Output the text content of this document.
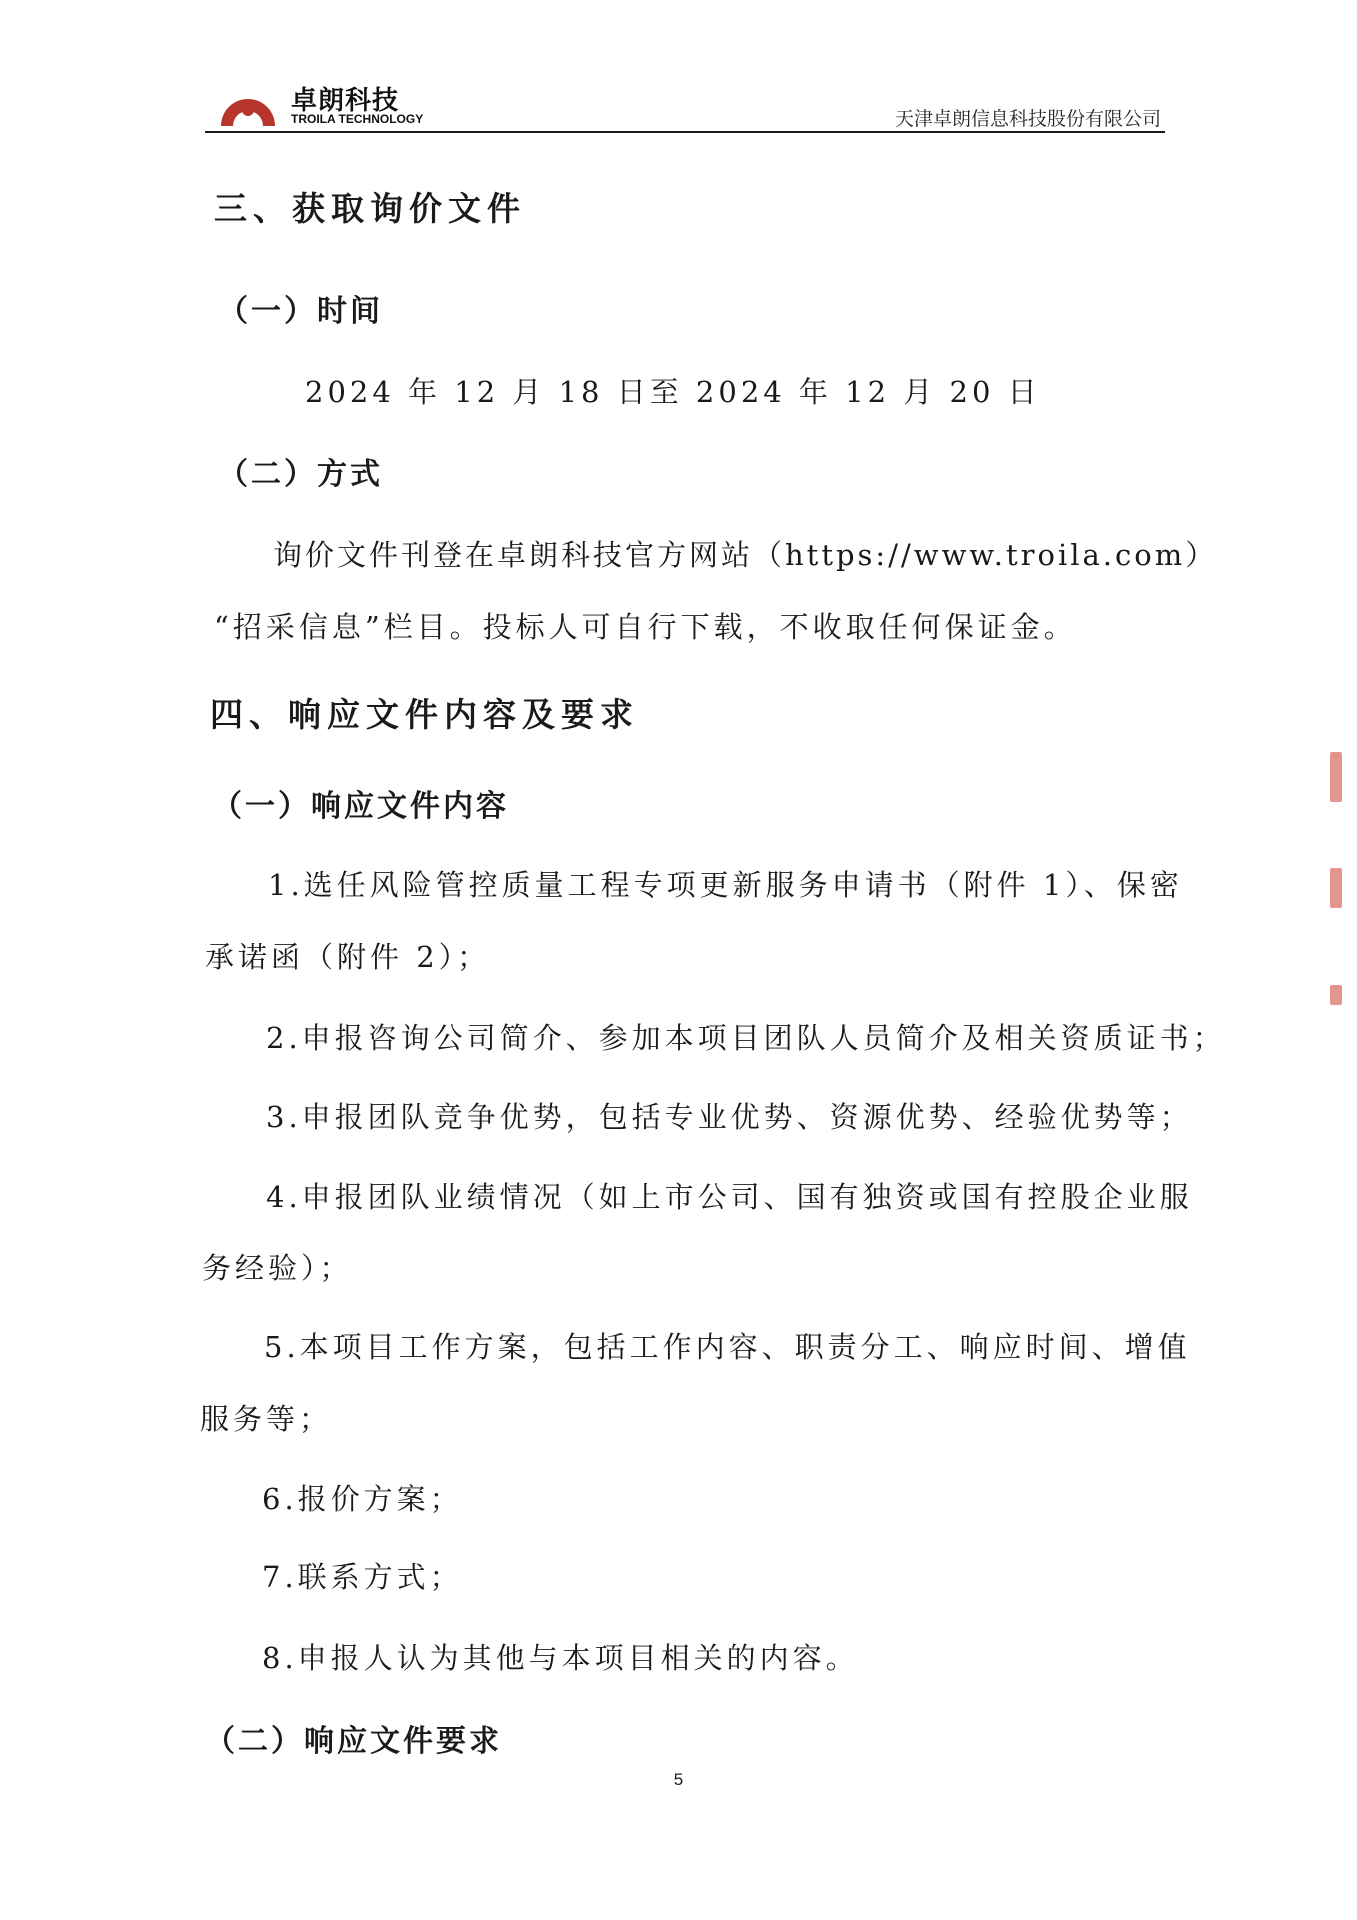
卓朗科技
TROILA TECHNOLOGY	天津卓朗信息科技股份有限公司
三、获取询价文件
（一）时间
2024 年 12 月 18 日至 2024 年 12 月 20 日
（二）方式
询价文件刊登在卓朗科技官方网站（https://www.troila.com）
“招采信息”栏目。投标人可自行下载，不收取任何保证金。
四、响应文件内容及要求
（一）响应文件内容
1.选任风险管控质量工程专项更新服务申请书（附件 1）、保密
承诺函（附件 2）；
2.申报咨询公司简介、参加本项目团队人员简介及相关资质证书；
3.申报团队竞争优势，包括专业优势、资源优势、经验优势等；
4.申报团队业绩情况（如上市公司、国有独资或国有控股企业服
务经验）；
5.本项目工作方案，包括工作内容、职责分工、响应时间、增值
服务等；
6.报价方案；
7.联系方式；
8.申报人认为其他与本项目相关的内容。
（二）响应文件要求
5
